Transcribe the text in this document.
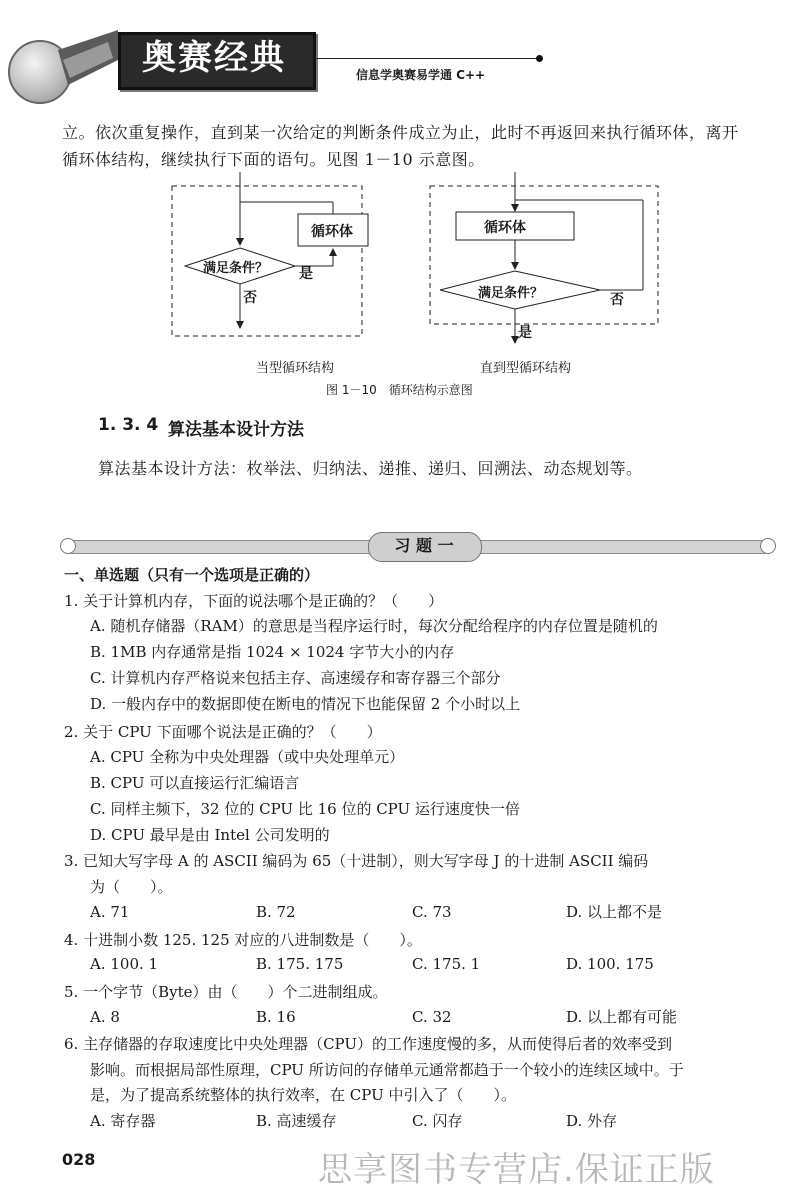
奥赛经典	信息学奥赛易学通 C++
立。依次重复操作，直到某一次给定的判断条件成立为止，此时不再返回来执行循环体，离开
循环体结构，继续执行下面的语句。见图 1－10 示意图。
循环体
满足条件？ 是
否
循环体
满足条件？
是
否
当型循环结构	直到型循环结构
图 1－10　循环结构示意图
1. 3. 4 算法基本设计方法
算法基本设计方法：枚举法、归纳法、递推、递归、回溯法、动态规划等。
习 题 一
一、单选题（只有一个选项是正确的）
1. 关于计算机内存，下面的说法哪个是正确的？（　　）
A. 随机存储器（RAM）的意思是当程序运行时，每次分配给程序的内存位置是随机的
B. 1MB 内存通常是指 1024 × 1024 字节大小的内存
C. 计算机内存严格说来包括主存、高速缓存和寄存器三个部分
D. 一般内存中的数据即使在断电的情况下也能保留 2 个小时以上
2. 关于 CPU 下面哪个说法是正确的？（　　）
A. CPU 全称为中央处理器（或中央处理单元）
B. CPU 可以直接运行汇编语言
C. 同样主频下，32 位的 CPU 比 16 位的 CPU 运行速度快一倍
D. CPU 最早是由 Intel 公司发明的
3. 已知大写字母 A 的 ASCII 编码为 65（十进制），则大写字母 J 的十进制 ASCII 编码
为（　　）。
A. 71	B. 72	C. 73	D. 以上都不是
4. 十进制小数 125. 125 对应的八进制数是（　　）。
A. 100. 1	B. 175. 175	C. 175. 1	D. 100. 175
5. 一个字节（Byte）由（　　）个二进制组成。
A. 8	B. 16	C. 32	D. 以上都有可能
6. 主存储器的存取速度比中央处理器（CPU）的工作速度慢的多，从而使得后者的效率受到
影响。而根据局部性原理，CPU 所访问的存储单元通常都趋于一个较小的连续区域中。于
是，为了提高系统整体的执行效率，在 CPU 中引入了（　　）。
A. 寄存器	B. 高速缓存	C. 闪存	D. 外存
028	思享图书专营店.保证正版
